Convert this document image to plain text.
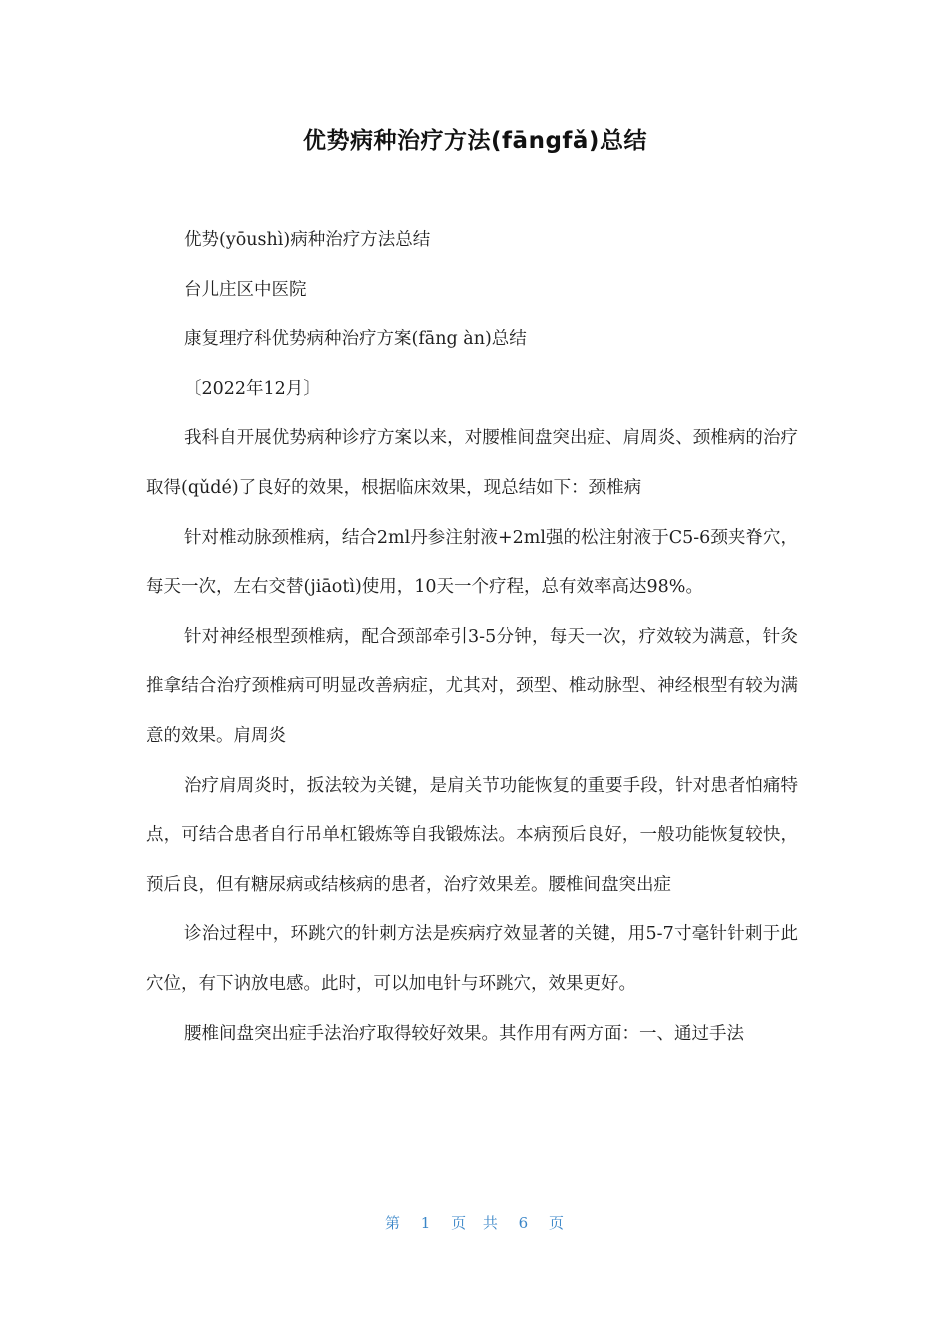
优势病种治疗方法(fāngfǎ)总结

优势(yōushì)病种治疗方法总结

台儿庄区中医院

康复理疗科优势病种治疗方案(fāng àn)总结

〔2022年12月〕

我科自开展优势病种诊疗方案以来，对腰椎间盘突出症、肩周炎、颈椎病的治疗取得(qǔdé)了良好的效果，根据临床效果，现总结如下：颈椎病

针对椎动脉颈椎病，结合2ml丹参注射液+2ml强的松注射液于C5-6颈夹脊穴，每天一次，左右交替(jiāotì)使用，10天一个疗程，总有效率高达98%。

针对神经根型颈椎病，配合颈部牵引3-5分钟，每天一次，疗效较为满意，针灸推拿结合治疗颈椎病可明显改善病症，尤其对，颈型、椎动脉型、神经根型有较为满意的效果。肩周炎

治疗肩周炎时，扳法较为关键，是肩关节功能恢复的重要手段，针对患者怕痛特点，可结合患者自行吊单杠锻炼等自我锻炼法。本病预后良好，一般功能恢复较快，预后良，但有糖尿病或结核病的患者，治疗效果差。腰椎间盘突出症

诊治过程中，环跳穴的针刺方法是疾病疗效显著的关键，用5-7寸毫针针刺于此穴位，有下讷放电感。此时，可以加电针与环跳穴，效果更好。

腰椎间盘突出症手法治疗取得较好效果。其作用有两方面：一、通过手法

第 1 页 共 6 页
